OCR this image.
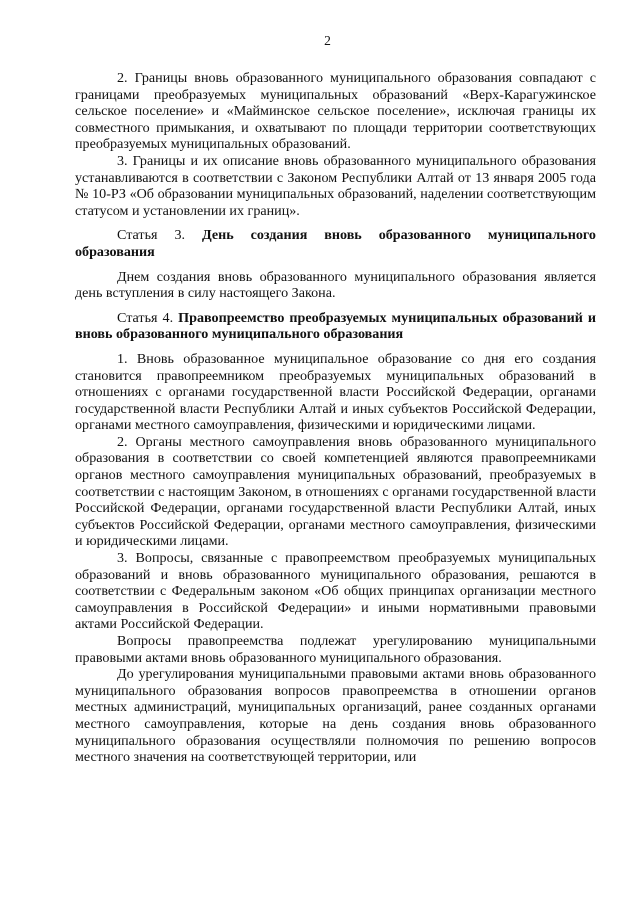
2

2. Границы вновь образованного муниципального образования совпадают с границами преобразуемых муниципальных образований «Верх-Карагужинское сельское поселение» и «Майминское сельское поселение», исключая границы их совместного примыкания, и охватывают по площади территории соответствующих преобразуемых муниципальных образований.

3. Границы и их описание вновь образованного муниципального образования устанавливаются в соответствии с Законом Республики Алтай от 13 января 2005 года № 10-РЗ «Об образовании муниципальных образований, наделении соответствующим статусом и установлении их границ».

Статья 3. День создания вновь образованного муниципального образования

Днем создания вновь образованного муниципального образования является день вступления в силу настоящего Закона.

Статья 4. Правопреемство преобразуемых муниципальных образований и вновь образованного муниципального образования

1. Вновь образованное муниципальное образование со дня его создания становится правопреемником преобразуемых муниципальных образований в отношениях с органами государственной власти Российской Федерации, органами государственной власти Республики Алтай и иных субъектов Российской Федерации, органами местного самоуправления, физическими и юридическими лицами.

2. Органы местного самоуправления вновь образованного муниципального образования в соответствии со своей компетенцией являются правопреемниками органов местного самоуправления муниципальных образований, преобразуемых в соответствии с настоящим Законом, в отношениях с органами государственной власти Российской Федерации, органами государственной власти Республики Алтай, иных субъектов Российской Федерации, органами местного самоуправления, физическими и юридическими лицами.

3. Вопросы, связанные с правопреемством преобразуемых муниципальных образований и вновь образованного муниципального образования, решаются в соответствии с Федеральным законом «Об общих принципах организации местного самоуправления в Российской Федерации» и иными нормативными правовыми актами Российской Федерации.

Вопросы правопреемства подлежат урегулированию муниципальными правовыми актами вновь образованного муниципального образования.

До урегулирования муниципальными правовыми актами вновь образованного муниципального образования вопросов правопреемства в отношении органов местных администраций, муниципальных организаций, ранее созданных органами местного самоуправления, которые на день создания вновь образованного муниципального образования осуществляли полномочия по решению вопросов местного значения на соответствующей территории, или
